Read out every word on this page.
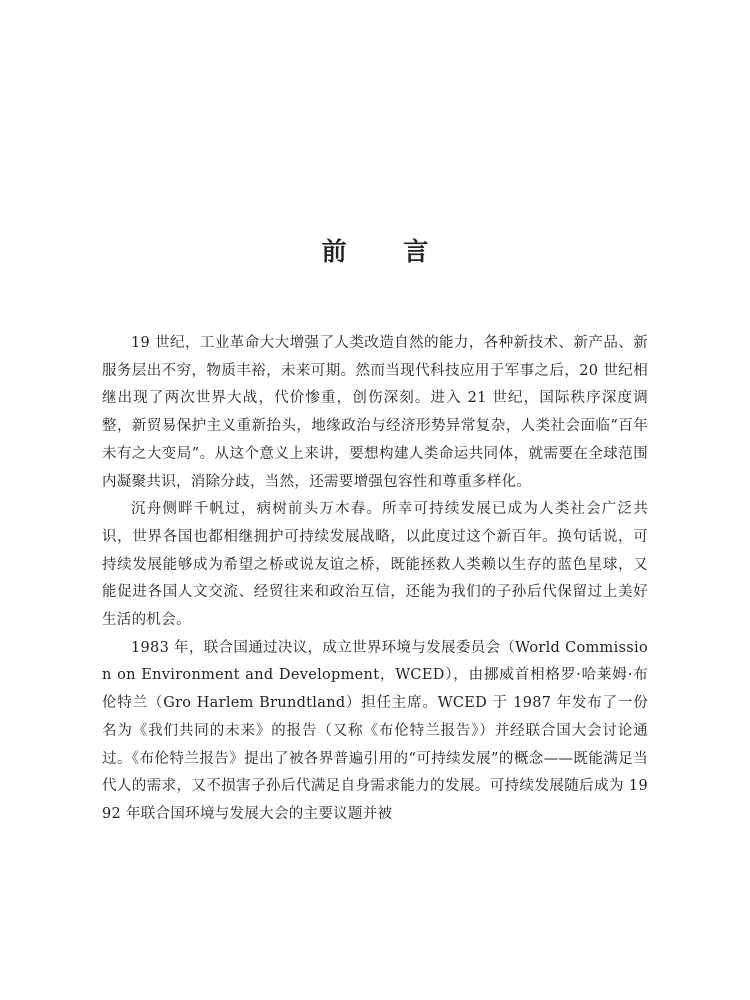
前 言

19 世纪，工业革命大大增强了人类改造自然的能力，各种新技术、新产品、新服务层出不穷，物质丰裕，未来可期。然而当现代科技应用于军事之后，20 世纪相继出现了两次世界大战，代价惨重，创伤深刻。进入 21 世纪，国际秩序深度调整，新贸易保护主义重新抬头，地缘政治与经济形势异常复杂，人类社会面临“百年未有之大变局”。从这个意义上来讲，要想构建人类命运共同体，就需要在全球范围内凝聚共识，消除分歧，当然，还需要增强包容性和尊重多样化。

沉舟侧畔千帆过，病树前头万木春。所幸可持续发展已成为人类社会广泛共识，世界各国也都相继拥护可持续发展战略，以此度过这个新百年。换句话说，可持续发展能够成为希望之桥或说友谊之桥，既能拯救人类赖以生存的蓝色星球，又能促进各国人文交流、经贸往来和政治互信，还能为我们的子孙后代保留过上美好生活的机会。

1983 年，联合国通过决议，成立世界环境与发展委员会（World Commission on Environment and Development，WCED），由挪威首相格罗·哈莱姆·布伦特兰（Gro Harlem Brundtland）担任主席。WCED 于 1987 年发布了一份名为《我们共同的未来》的报告（又称《布伦特兰报告》）并经联合国大会讨论通过。《布伦特兰报告》提出了被各界普遍引用的“可持续发展”的概念——既能满足当代人的需求，又不损害子孙后代满足自身需求能力的发展。可持续发展随后成为 1992 年联合国环境与发展大会的主要议题并被
